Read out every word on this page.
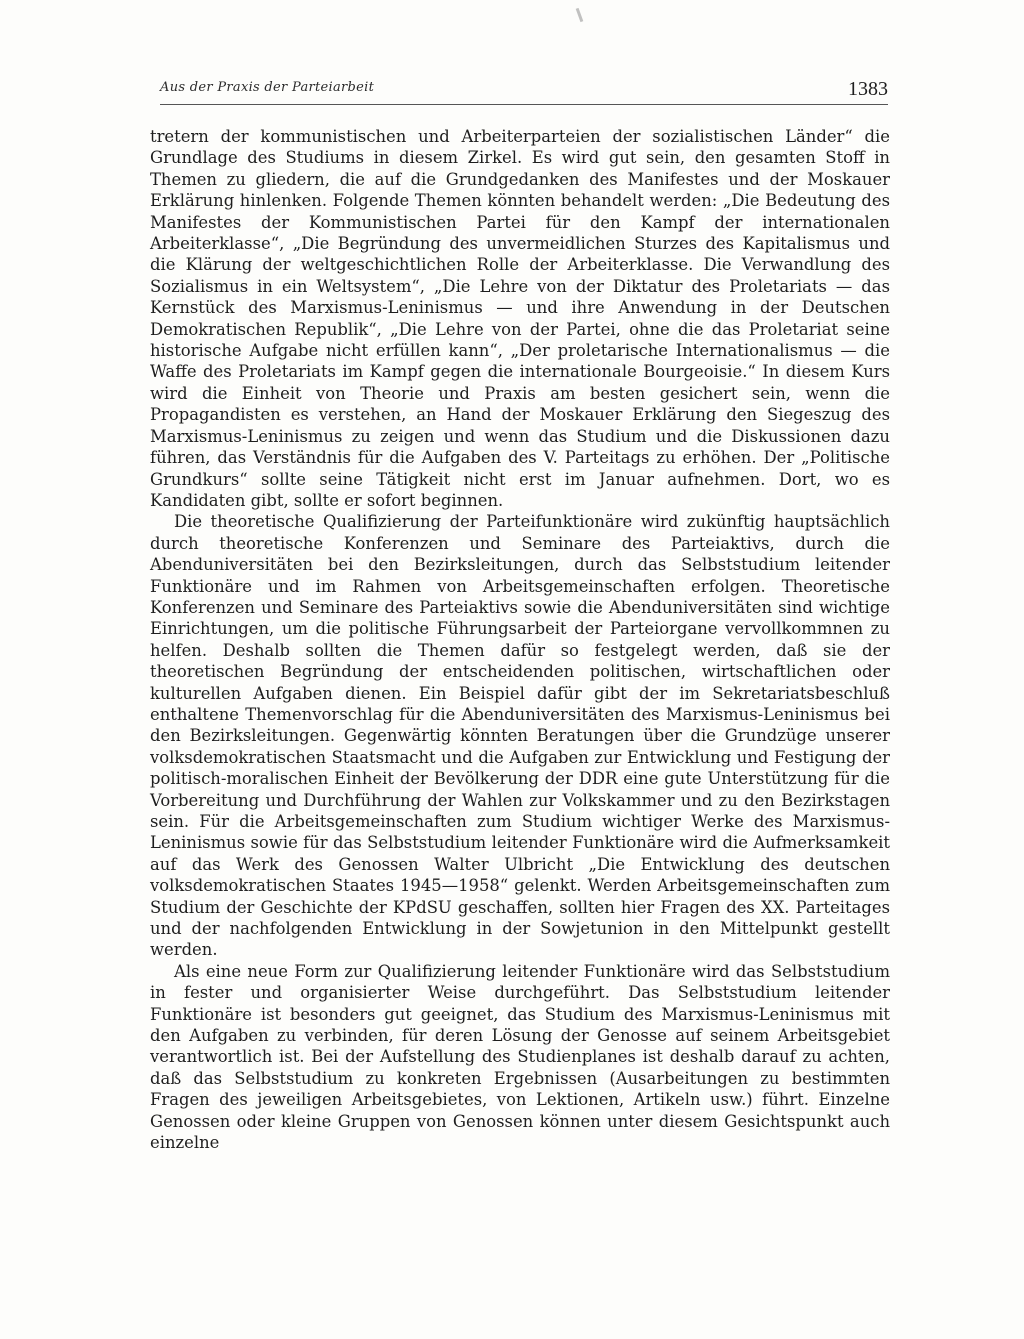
Aus der Praxis der Parteiarbeit	1383

tretern der kommunistischen und Arbeiterparteien der sozialistischen Länder“ die Grundlage des Studiums in diesem Zirkel. Es wird gut sein, den gesamten Stoff in Themen zu gliedern, die auf die Grundgedanken des Manifestes und der Moskauer Erklärung hinlenken. Folgende Themen könnten behandelt werden: „Die Bedeutung des Manifestes der Kommunistischen Partei für den Kampf der internationalen Arbeiterklasse“, „Die Begründung des unvermeidlichen Sturzes des Kapitalismus und die Klärung der weltgeschichtlichen Rolle der Arbeiterklasse. Die Verwandlung des Sozialismus in ein Weltsystem“, „Die Lehre von der Diktatur des Proletariats — das Kernstück des Marxismus-Leninismus — und ihre Anwendung in der Deutschen Demokratischen Republik“, „Die Lehre von der Partei, ohne die das Proletariat seine historische Aufgabe nicht erfüllen kann“, „Der proletarische Internationalismus — die Waffe des Proletariats im Kampf gegen die internationale Bourgeoisie.“ In diesem Kurs wird die Einheit von Theorie und Praxis am besten gesichert sein, wenn die Propagandisten es verstehen, an Hand der Moskauer Erklärung den Siegeszug des Marxismus-Leninismus zu zeigen und wenn das Studium und die Diskussionen dazu führen, das Verständnis für die Aufgaben des V. Parteitags zu erhöhen. Der „Politische Grundkurs“ sollte seine Tätigkeit nicht erst im Januar aufnehmen. Dort, wo es Kandidaten gibt, sollte er sofort beginnen.

Die theoretische Qualifizierung der Parteifunktionäre wird zukünftig hauptsächlich durch theoretische Konferenzen und Seminare des Parteiaktivs, durch die Abenduniversitäten bei den Bezirksleitungen, durch das Selbststudium leitender Funktionäre und im Rahmen von Arbeitsgemeinschaften erfolgen. Theoretische Konferenzen und Seminare des Parteiaktivs sowie die Abenduniversitäten sind wichtige Einrichtungen, um die politische Führungsarbeit der Parteiorgane vervollkommnen zu helfen. Deshalb sollten die Themen dafür so festgelegt werden, daß sie der theoretischen Begründung der entscheidenden politischen, wirtschaftlichen oder kulturellen Aufgaben dienen. Ein Beispiel dafür gibt der im Sekretariatsbeschluß enthaltene Themenvorschlag für die Abenduniversitäten des Marxismus-Leninismus bei den Bezirksleitungen. Gegenwärtig könnten Beratungen über die Grundzüge unserer volksdemokratischen Staatsmacht und die Aufgaben zur Entwicklung und Festigung der politisch-moralischen Einheit der Bevölkerung der DDR eine gute Unterstützung für die Vorbereitung und Durchführung der Wahlen zur Volkskammer und zu den Bezirkstagen sein. Für die Arbeitsgemeinschaften zum Studium wichtiger Werke des Marxismus-Leninismus sowie für das Selbststudium leitender Funktionäre wird die Aufmerksamkeit auf das Werk des Genossen Walter Ulbricht „Die Entwicklung des deutschen volksdemokratischen Staates 1945—1958“ gelenkt. Werden Arbeitsgemeinschaften zum Studium der Geschichte der KPdSU geschaffen, sollten hier Fragen des XX. Parteitages und der nachfolgenden Entwicklung in der Sowjetunion in den Mittelpunkt gestellt werden.

Als eine neue Form zur Qualifizierung leitender Funktionäre wird das Selbststudium in fester und organisierter Weise durchgeführt. Das Selbststudium leitender Funktionäre ist besonders gut geeignet, das Studium des Marxismus-Leninismus mit den Aufgaben zu verbinden, für deren Lösung der Genosse auf seinem Arbeitsgebiet verantwortlich ist. Bei der Aufstellung des Studienplanes ist deshalb darauf zu achten, daß das Selbststudium zu konkreten Ergebnissen (Ausarbeitungen zu bestimmten Fragen des jeweiligen Arbeitsgebietes, von Lektionen, Artikeln usw.) führt. Einzelne Genossen oder kleine Gruppen von Genossen können unter diesem Gesichtspunkt auch einzelne
